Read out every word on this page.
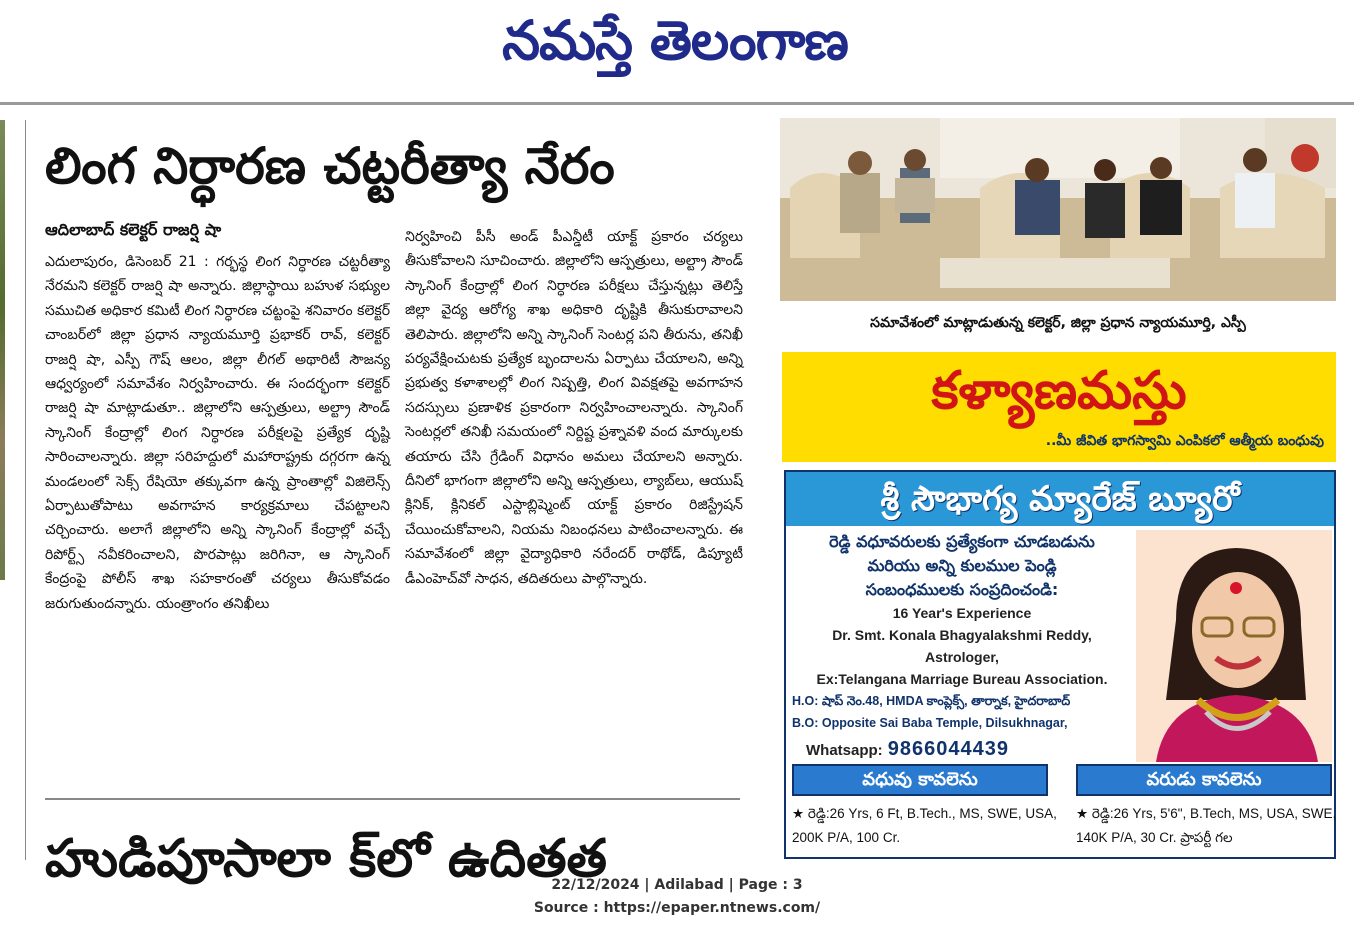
నమస్తే తెలంగాణ
లింగ నిర్ధారణ చట్టరీత్యా నేరం
ఆదిలాబాద్ కలెక్టర్ రాజర్షి షా

ఎదులాపురం, డిసెంబర్ 21 : గర్భస్థ లింగ నిర్ధారణ చట్టరీత్యా నేరమని కలెక్టర్ రాజర్షి షా అన్నారు. జిల్లాస్థాయి బహుళ సభ్యుల సముచిత అధికార కమిటీ లింగ నిర్ధారణ చట్టంపై శనివారం కలెక్టర్ చాంబర్‌లో జిల్లా ప్రధాన న్యాయమూర్తి ప్రభాకర్ రావ్, కలెక్టర్ రాజర్షి షా, ఎస్పీ గౌష్ ఆలం, జిల్లా లీగల్ అథారిటీ సౌజన్య ఆధ్వర్యంలో సమావేశం నిర్వహించారు. ఈ సందర్భంగా కలెక్టర్ రాజర్షి షా మాట్లాడుతూ.. జిల్లాలోని ఆస్పత్రులు, అల్ట్రా సౌండ్ స్కానింగ్ కేంద్రాల్లో లింగ నిర్ధారణ పరీక్షలపై ప్రత్యేక దృష్టి సారించాలన్నారు. జిల్లా సరిహద్దులో మహారాష్ట్రకు దగ్గరగా ఉన్న మండలంలో సెక్స్ రేషియో తక్కువగా ఉన్న ప్రాంతాల్లో విజిలెన్స్ ఏర్పాటుతోపాటు అవగాహన కార్యక్రమాలు చేపట్టాలని చర్చించారు. అలాగే జిల్లాలోని అన్ని స్కానింగ్ కేంద్రాల్లో వచ్చే రిపోర్ట్స్ నవీకరించాలని, పొరపాట్లు జరిగినా, ఆ స్కానింగ్ కేంద్రంపై పోలీస్ శాఖ సహకారంతో చర్యలు తీసుకోవడం జరుగుతుందన్నారు. యంత్రాంగం తనిఖీలు

నిర్వహించి పీసీ అండ్ పీఎన్డీటీ యాక్ట్ ప్రకారం చర్యలు తీసుకోవాలని సూచించారు. జిల్లాలోని ఆస్పత్రులు, అల్ట్రా సౌండ్ స్కానింగ్ కేంద్రాల్లో లింగ నిర్ధారణ పరీక్షలు చేస్తున్నట్లు తెలిస్తే జిల్లా వైద్య ఆరోగ్య శాఖ అధికారి దృష్టికి తీసుకురావాలని తెలిపారు. జిల్లాలోని అన్ని స్కానింగ్ సెంటర్ల పని తీరును, తనిఖీ పర్యవేక్షించుటకు ప్రత్యేక బృందాలను ఏర్పాటు చేయాలని, అన్ని ప్రభుత్వ కళాశాలల్లో లింగ నిష్పత్తి, లింగ వివక్షతపై అవగాహన సదస్సులు ప్రణాళిక ప్రకారంగా నిర్వహించాలన్నారు. స్కానింగ్ సెంటర్లలో తనిఖీ సమయంలో నిర్దిష్ట ప్రశ్నావళి వంద మార్కులకు తయారు చేసి గ్రేడింగ్ విధానం అమలు చేయాలని అన్నారు. దీనిలో భాగంగా జిల్లాలోని అన్ని ఆస్పత్రులు, ల్యాబ్‌లు, ఆయుష్ క్లినిక్, క్లినికల్ ఎస్టాబ్లిష్మెంట్ యాక్ట్ ప్రకారం రిజిస్ట్రేషన్ చేయించుకోవాలని, నియమ నిబంధనలు పాటించాలన్నారు. ఈ సమావేశంలో జిల్లా వైద్యాధికారి నరేందర్ రాథోడ్, డిప్యూటీ డీఎంహెచ్‌వో సాధన, తదితరులు పాల్గొన్నారు.

హుడిపూసాలా క్‌లో ఉదితత
సమావేశంలో మాట్లాడుతున్న కలెక్టర్, జిల్లా ప్రధాన న్యాయమూర్తి, ఎస్పీ
కళ్యాణమస్తు
..మీ జీవిత భాగస్వామి ఎంపికలో ఆత్మీయ బంధువు
శ్రీ సౌభాగ్య మ్యారేజ్ బ్యూరో
రెడ్డి వధూవరులకు ప్రత్యేకంగా చూడబడును
మరియు అన్ని కులముల పెండ్లి
సంబంధములకు సంప్రదించండి:
16 Year's Experience
Dr. Smt. Konala Bhagyalakshmi Reddy,
Astrologer,
Ex:Telangana Marriage Bureau Association.
H.O: షాప్ నెం.48, HMDA కాంప్లెక్స్, తార్నాక, హైదరాబాద్
B.O: Opposite Sai Baba Temple, Dilsukhnagar,
Whatsapp: 9866044439
వధువు కావలెను	వరుడు కావలెను
★ రెడ్డి:26 Yrs, 6 Ft, B.Tech., MS, SWE, USA, 200K P/A, 100 Cr.
★ రెడ్డి:26 Yrs, 5'6", B.Tech, MS, USA, SWE, 140K P/A, 30 Cr. ప్రాపర్టీ గల
22/12/2024 | Adilabad | Page : 3
Source : https://epaper.ntnews.com/
